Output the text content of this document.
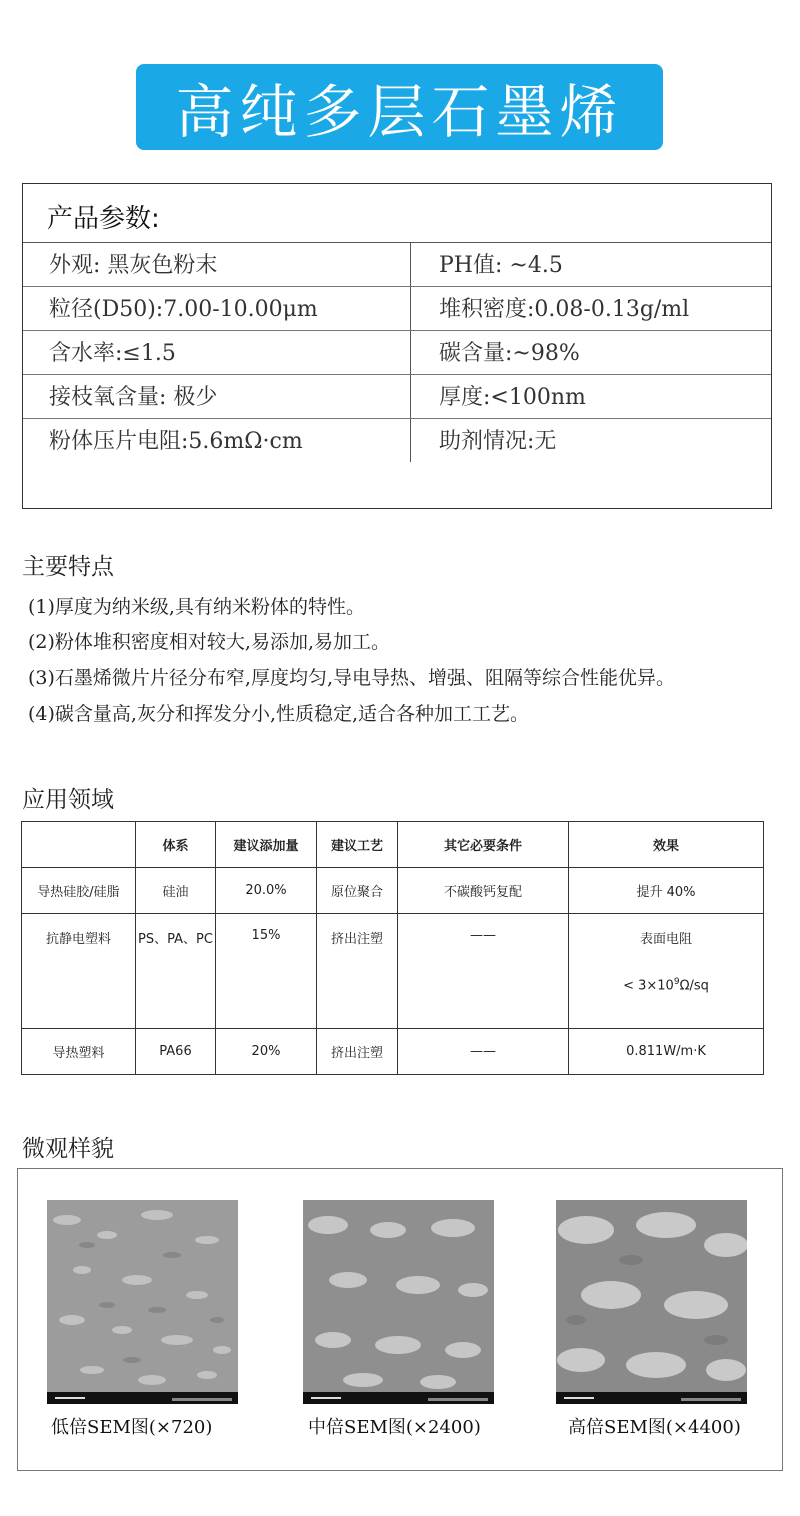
高纯多层石墨烯
产品参数:
外观: 黑灰色粉末	PH值: ~4.5
粒径(D50):7.00-10.00μm	堆积密度:0.08-0.13g/ml
含水率:≤1.5	碳含量:~98%
接枝氧含量: 极少	厚度:<100nm
粉体压片电阻:5.6mΩ·cm	助剂情况:无
主要特点
(1)厚度为纳米级,具有纳米粉体的特性。
(2)粉体堆积密度相对较大,易添加,易加工。
(3)石墨烯微片片径分布窄,厚度均匀,导电导热、增强、阻隔等综合性能优异。
(4)碳含量高,灰分和挥发分小,性质稳定,适合各种加工工艺。
应用领域
	体系	建议添加量	建议工艺	其它必要条件	效果
导热硅胶/硅脂	硅油	20.0%	原位聚合	不碳酸钙复配	提升 40%
抗静电塑料	PS、PA、PC	15%	挤出注塑	——	表面电阻
< $3\times 10^9\Omega/sq$

导热塑料	PA66	20%	挤出注塑	——	0.811W/m·K
微观样貌
低倍SEM图(×720)	中倍SEM图(×2400)	高倍SEM图(×4400)
